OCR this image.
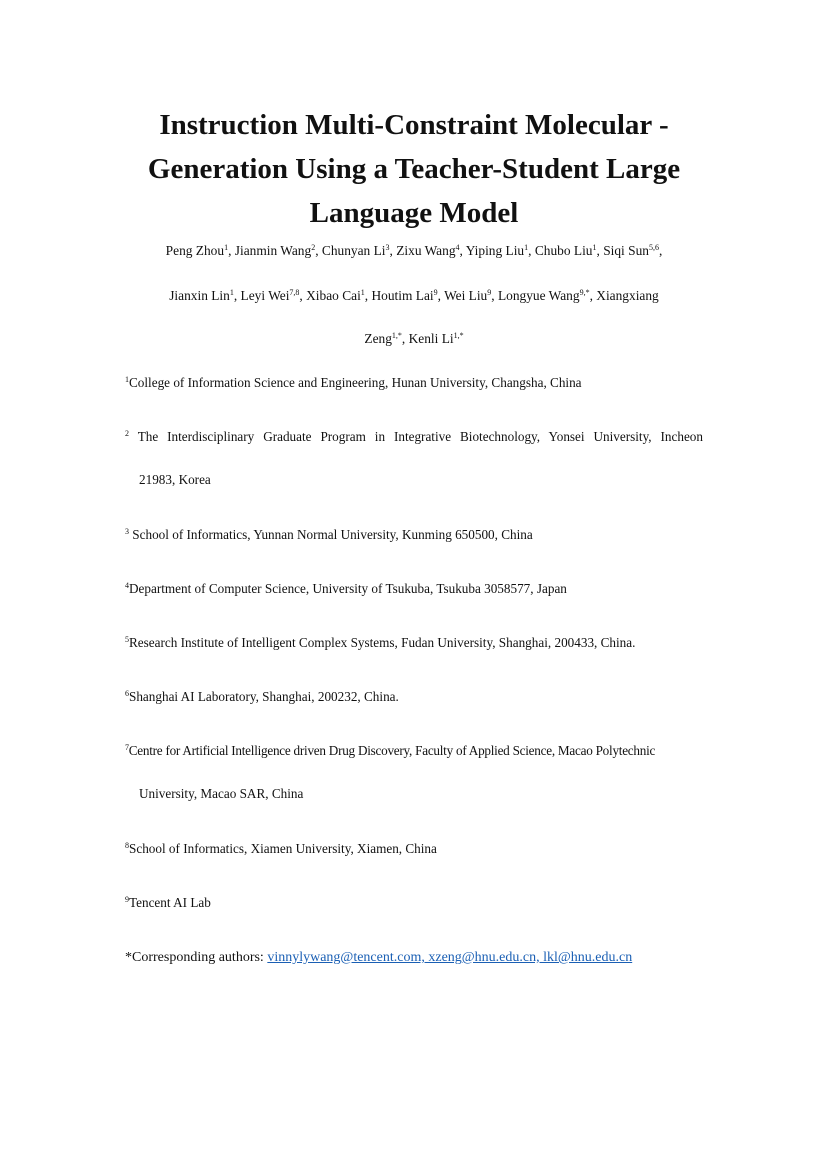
Instruction Multi-Constraint Molecular -
Generation Using a Teacher-Student Large
Language Model
Peng Zhou$^1$, Jianmin Wang$^2$, Chunyan Li$^3$, Zixu Wang$^4$, Yiping Liu$^1$, Chubo Liu$^1$, Siqi Sun$^{5,6}$,
Jianxin Lin$^1$, Leyi Wei$^{7,8}$, Xibao Cai$^1$, Houtim Lai$^9$, Wei Liu$^9$, Longyue Wang$^{9,*}$, Xiangxiang
Zeng$^{1,*}$, Kenli $Li^{1,*}$
$^1$College of Information Science and Engineering, Hunan University, Changsha, China
$^2$ The Interdisciplinary Graduate Program in Integrative Biotechnology, Yonsei University, Incheon
21983, Korea
$^3$ School of Informatics, Yunnan Normal University, Kunming 650500, China
$^4$Department of Computer Science, University of Tsukuba, Tsukuba 3058577, Japan
$^5$Research Institute of Intelligent Complex Systems, Fudan University, Shanghai, 200433, China.
$^6$Shanghai AI Laboratory, Shanghai, 200232, China.
$^7$Centre for Artificial Intelligence driven Drug Discovery, Faculty of Applied Science, Macao Polytechnic
University, Macao SAR, China
$^8$School of Informatics, Xiamen University, Xiamen, China
$^9$Tencent AI Lab
*Corresponding authors: vinnylywang@tencent.com, xzeng@hnu.edu.cn, lkl@hnu.edu.cn
